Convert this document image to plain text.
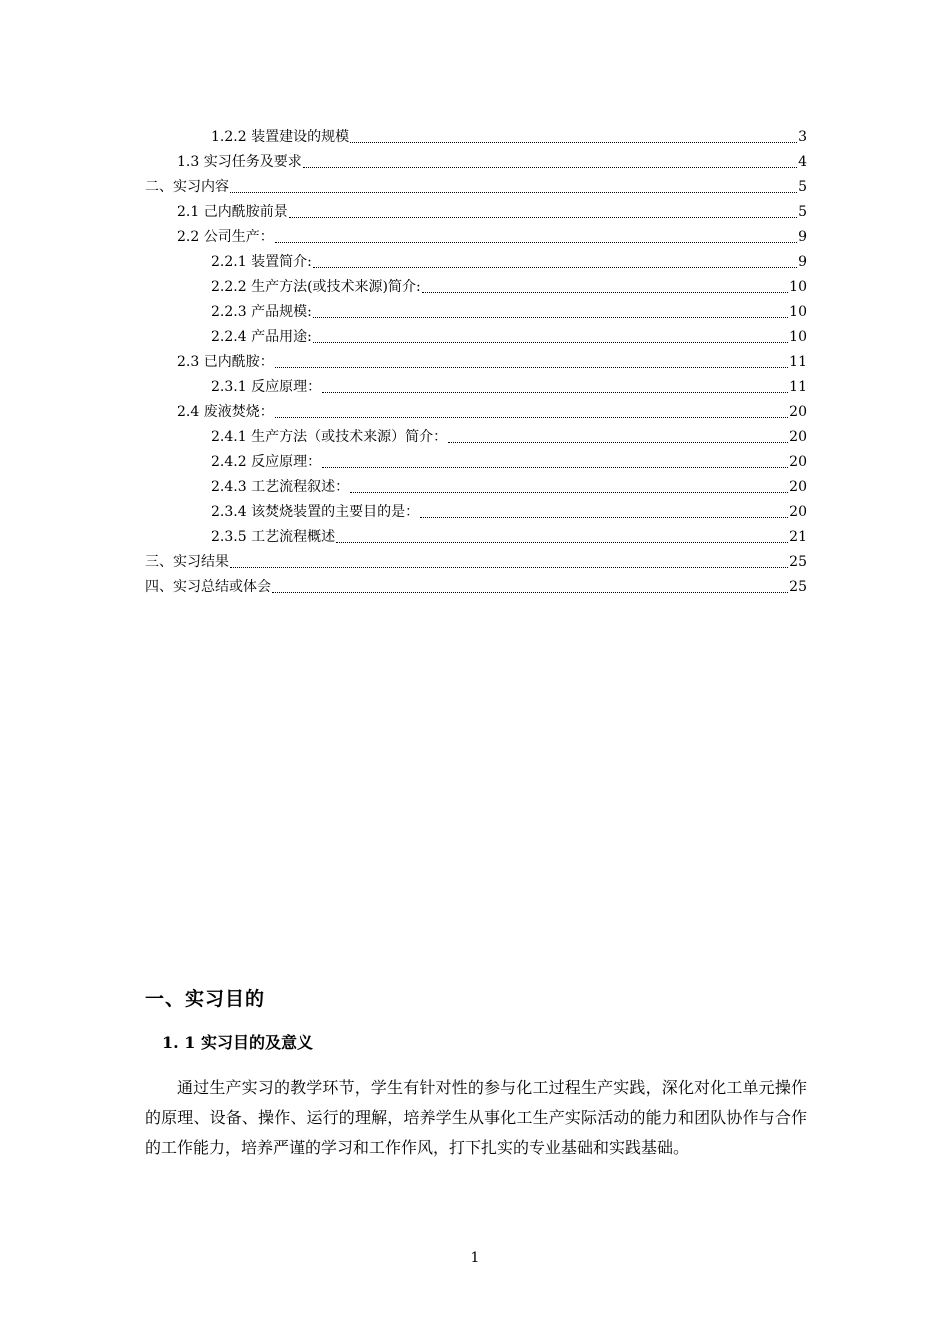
1.2.2 装置建设的规模	3
1.3 实习任务及要求	4
二、实习内容	5
2.1 己内酰胺前景	5
2.2 公司生产：	9
2.2.1 装置简介:	9
2.2.2 生产方法(或技术来源)简介:	10
2.2.3 产品规模:	10
2.2.4 产品用途:	10
2.3 已内酰胺：	11
2.3.1 反应原理：	11
2.4 废液焚烧：	20
2.4.1 生产方法（或技术来源）简介：	20
2.4.2 反应原理：	20
2.4.3 工艺流程叙述：	20
2.3.4 该焚烧装置的主要目的是：	20
2.3.5 工艺流程概述	21
三、实习结果	25
四、实习总结或体会	25
一、实习目的
1. 1 实习目的及意义
通过生产实习的教学环节，学生有针对性的参与化工过程生产实践，深化对化工单元操作的原理、设备、操作、运行的理解，培养学生从事化工生产实际活动的能力和团队协作与合作的工作能力，培养严谨的学习和工作作风，打下扎实的专业基础和实践基础。
1
